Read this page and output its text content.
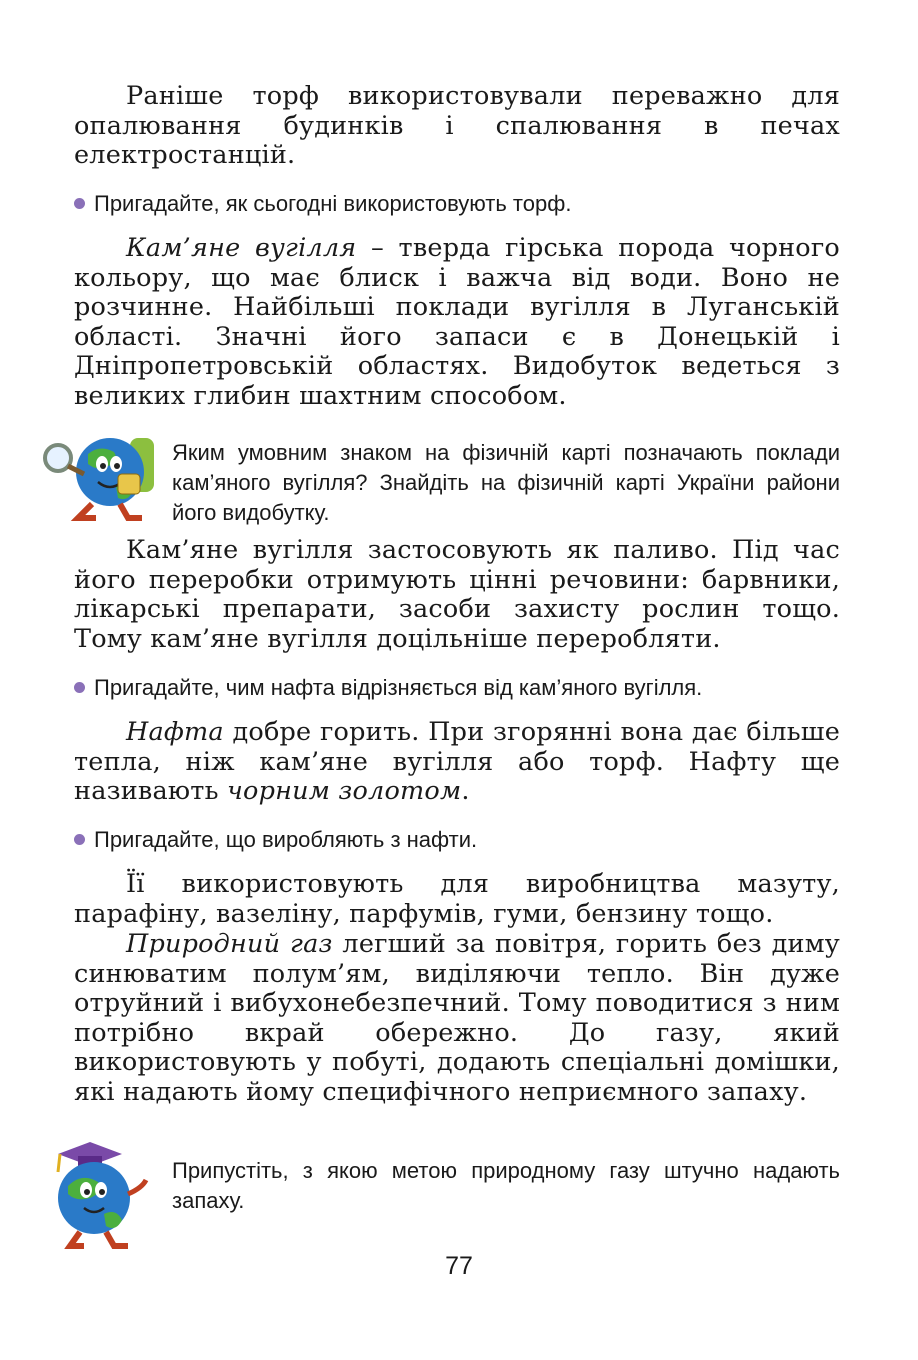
Раніше торф використовували переважно для опалювання будинків і спалювання в печах електростанцій.

Пригадайте, як сьогодні використовують торф.

Кам’яне вугілля – тверда гірська порода чорного кольору, що має блиск і важча від води. Воно не розчинне. Найбільші поклади вугілля в Луганській області. Значні його запаси є в Донецькій і Дніпропетровській областях. Видобуток ведеться з великих глибин шахтним способом.

Яким умовним знаком на фізичній карті позначають поклади кам’яного вугілля? Знайдіть на фізичній карті України райони його видобутку.

Кам’яне вугілля застосовують як паливо. Під час його переробки отримують цінні речовини: барвники, лікарські препарати, засоби захисту рослин тощо. Тому кам’яне вугілля доцільніше переробляти.

Пригадайте, чим нафта відрізняється від кам’яного вугілля.

Нафта добре горить. При згорянні вона дає більше тепла, ніж кам’яне вугілля або торф. Нафту ще називають чорним золотом.

Пригадайте, що виробляють з нафти.

Її використовують для виробництва мазуту, парафіну, вазеліну, парфумів, гуми, бензину тощо.

Природний газ легший за повітря, горить без диму синюватим полум’ям, виділяючи тепло. Він дуже отруйний і вибухонебезпечний. Тому поводитися з ним потрібно вкрай обережно. До газу, який використовують у побуті, додають спеціальні домішки, які надають йому специфічного неприємного запаху.

Припустіть, з якою метою природному газу штучно надають запаху.

77
